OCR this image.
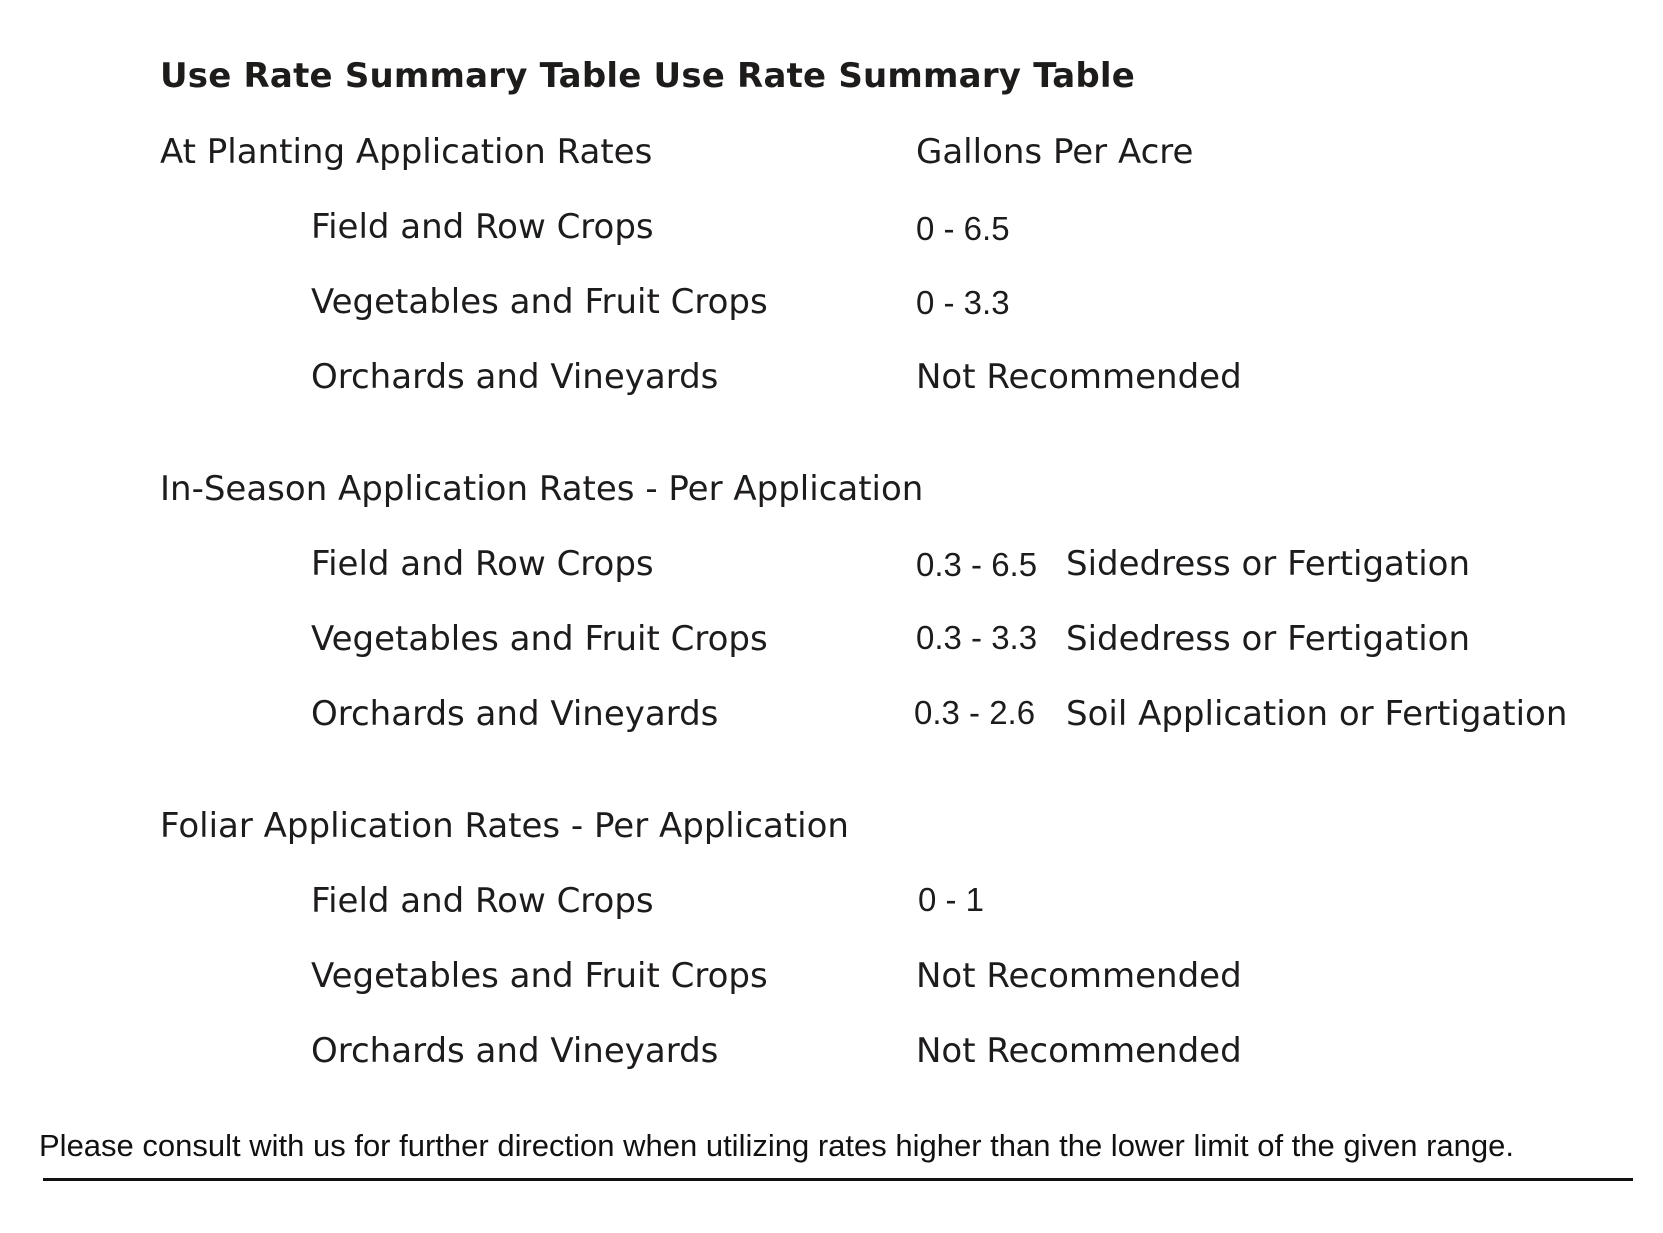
Use Rate Summary Table Use Rate Summary Table
At Planting Application Rates	Gallons Per Acre
Field and Row Crops	0 - 6.5
Vegetables and Fruit Crops	0 - 3.3
Orchards and Vineyards	Not Recommended
In-Season Application Rates - Per Application
Field and Row Crops	0.3 - 6.5 Sidedress or Fertigation
Vegetables and Fruit Crops	0.3 - 3.3 Sidedress or Fertigation
Orchards and Vineyards	0.3 - 2.6 Soil Application or Fertigation
Foliar Application Rates - Per Application
Field and Row Crops	0 - 1
Vegetables and Fruit Crops	Not Recommended
Orchards and Vineyards	Not Recommended
Please consult with us for further direction when utilizing rates higher than the lower limit of the given range.
